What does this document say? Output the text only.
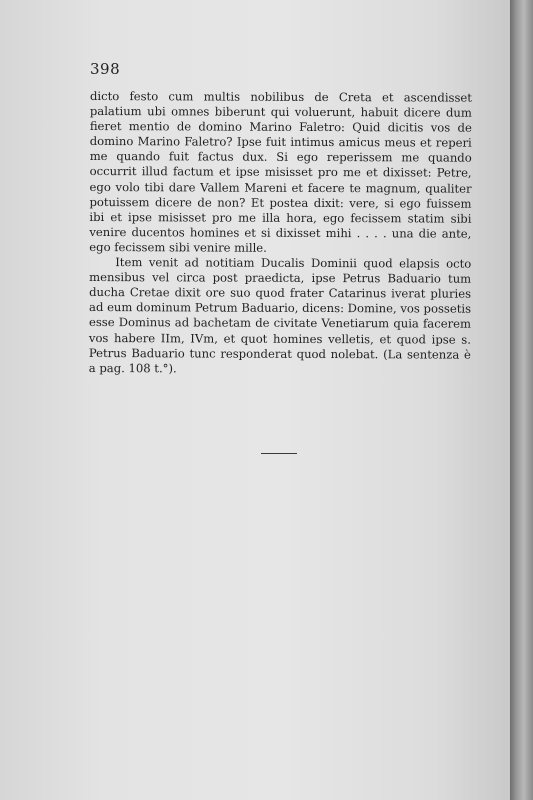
398

dicto festo cum multis nobilibus de Creta et ascendisset palatium ubi omnes biberunt qui voluerunt, habuit dicere dum fieret mentio de domino Marino Faletro: Quid dicitis vos de domino Marino Faletro? Ipse fuit intimus amicus meus et reperi me quando fuit factus dux. Si ego reperissem me quando occurrit illud factum et ipse misisset pro me et dixisset: Petre, ego volo tibi dare Vallem Mareni et facere te magnum, qualiter potuissem dicere de non? Et postea dixit: vere, si ego fuissem ibi et ipse misisset pro me illa hora, ego fecissem statim sibi venire ducentos homines et si dixisset mihi . . . . una die ante, ego fecissem sibi venire mille.

Item venit ad notitiam Ducalis Dominii quod elapsis octo mensibus vel circa post praedicta, ipse Petrus Baduario tum ducha Cretae dixit ore suo quod frater Catarinus iverat pluries ad eum dominum Petrum Baduario, dicens: Domine, vos possetis esse Dominus ad bachetam de civitate Venetiarum quia facerem vos habere IIm, IVm, et quot homines velletis, et quod ipse s. Petrus Baduario tunc responderat quod nolebat. (La sentenza è a pag. 108 t.°).
